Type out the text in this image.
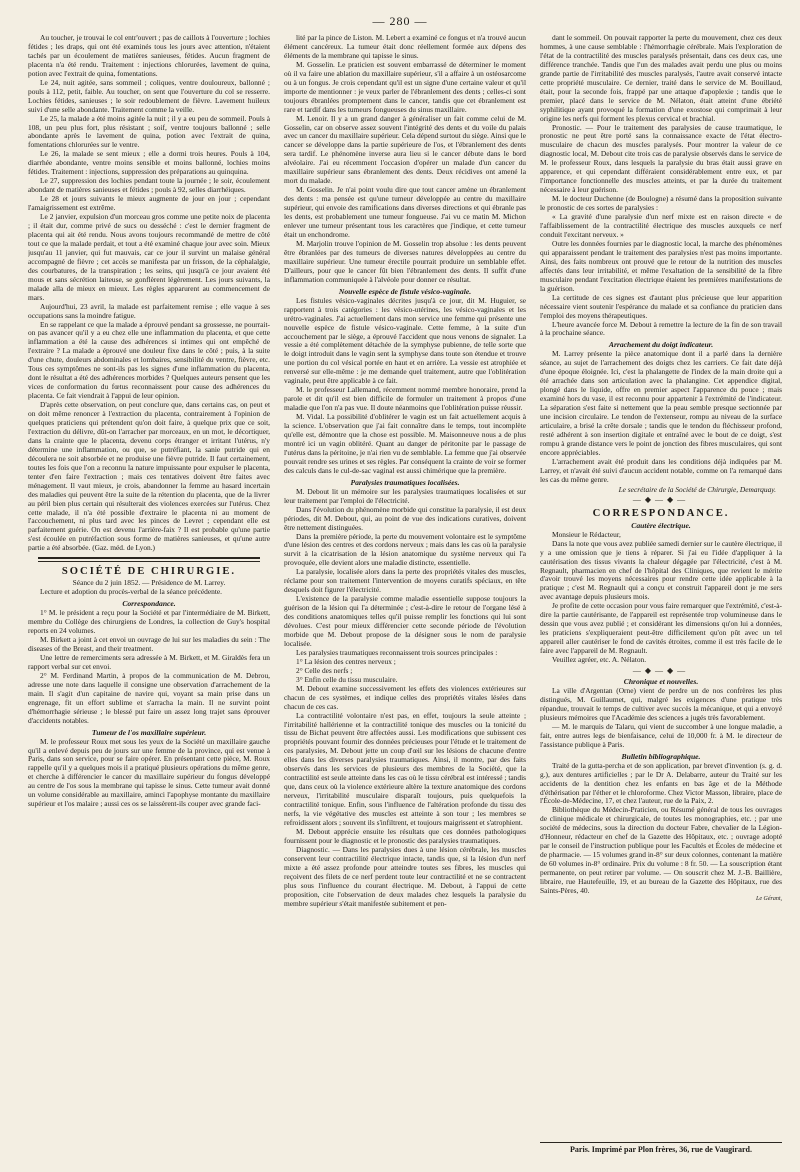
— 280 —

Au toucher, je trouvai le col entr'ouvert ; pas de caillots à l'ouverture ; lochies fétides ; les draps, qui ont été examinés tous les jours avec attention, n'étaient tachés par un écoulement de matières sanieuses, fétides. Aucun fragment de placenta n'a été rendu. Traitement : injections chlorurées, lavement de quina, potion avec l'extrait de quina, fomentations.

Le 24, nuit agitée, sans sommeil ; coliques, ventre douloureux, ballonné ; pouls à 112, petit, faible. Au toucher, on sent que l'ouverture du col se resserre. Lochies fétides, sanieuses ; le soir redoublement de fièvre. Lavement huileux suivi d'une selle abondante. Traitement comme la veille.

Le 25, la malade a été moins agitée la nuit ; il y a eu peu de sommeil. Pouls à 108, un peu plus fort, plus résistant ; soif, ventre toujours ballonné ; selle abondante après le lavement de quina, potion avec l'extrait de quina, fomentations chlorurées sur le ventre.

Le 26, la malade se sent mieux ; elle a dormi trois heures. Pouls à 104, diarrhée abondante, ventre moins sensible et moins ballonné, lochies moins fétides. Traitement : injections, suppression des préparations au quinquina.

Le 27, suppression des lochies pendant toute la journée ; le soir, écoulement abondant de matières sanieuses et fétides ; pouls à 92, selles diarrhéiques.

Le 28 et jours suivants le mieux augmente de jour en jour ; cependant l'amaigrissement est extrême.

Le 2 janvier, expulsion d'un morceau gros comme une petite noix de placenta ; il était dur, comme privé de sucs ou desséché : c'est le dernier fragment de placenta qui ait été rendu. Nous avons toujours recommandé de mettre de côté tout ce que la malade perdait, et tout a été examiné chaque jour avec soin. Mieux jusqu'au 11 janvier, qui fut mauvais, car ce jour il survint un malaise général accompagné de fièvre ; cet accès se manifesta par un frisson, de la céphalalgie, des courbatures, de la transpiration ; les seins, qui jusqu'à ce jour avaient été mous et sans sécrétion laiteuse, se gonflèrent légèrement. Les jours suivants, la malade alla de mieux en mieux. Les règles apparurent au commencement de mars.

Aujourd'hui, 23 avril, la malade est parfaitement remise ; elle vaque à ses occupations sans la moindre fatigue.

En se rappelant ce que la malade a éprouvé pendant sa grossesse, ne pourrait-on pas avancer qu'il y a eu chez elle une inflammation du placenta, et que cette inflammation a été la cause des adhérences si intimes qui ont empêché de l'extraire ? La malade a éprouvé une douleur fixe dans le côté ; puis, à la suite d'une chute, douleurs abdominales et lombaires, sensibilité du ventre, fièvre, etc. Tous ces symptômes ne sont-ils pas les signes d'une inflammation du placenta, dont le résultat a été des adhérences morbides ? Quelques auteurs pensent que les vices de conformation du fœtus reconnaissent pour cause des adhérences du placenta. Ce fait viendrait à l'appui de leur opinion.

D'après cette observation, on peut conclure que, dans certains cas, on peut et on doit même renoncer à l'extraction du placenta, contrairement à l'opinion de quelques praticiens qui prétendent qu'on doit faire, à quelque prix que ce soit, l'extraction du délivre, dût-on l'arracher par morceaux, en un mot, le décortiquer, dans la crainte que le placenta, devenu corps étranger et irritant l'utérus, n'y détermine une inflammation, ou que, se putréfiant, la sanie putride qui en découlera ne soit absorbée et ne produise une fièvre putride. Il faut certainement, toutes les fois que l'on a reconnu la nature impuissante pour expulser le placenta, tenter d'en faire l'extraction ; mais ces tentatives doivent être faites avec ménagement. Il vaut mieux, je crois, abandonner la femme au hasard incertain des maladies qui peuvent être la suite de la rétention du placenta, que de la livrer au péril bien plus certain qui résulterait des violences exercées sur l'utérus. Chez cette malade, il n'a été possible d'extraire le placenta ni au moment de l'accouchement, ni plus tard avec les pinces de Levret ; cependant elle est parfaitement guérie. On est devenu l'arrière-faix ? Il est probable qu'une partie s'est écoulée en putréfaction sous forme de matières sanieuses, et qu'une autre partie a été absorbée. (Gaz. méd. de Lyon.)

SOCIÉTÉ DE CHIRURGIE.

Séance du 2 juin 1852. — Présidence de M. Larrey.

Lecture et adoption du procès-verbal de la séance précédente.

Correspondance.

1° M. le président a reçu pour la Société et par l'intermédiaire de M. Birkett, membre du Collège des chirurgiens de Londres, la collection de Guy's hospital reports en 24 volumes.

M. Birkett a joint à cet envoi un ouvrage de lui sur les maladies du sein : The diseases of the Breast, and their treatment.

Une lettre de remerciments sera adressée à M. Birkett, et M. Giraldès fera un rapport verbal sur cet envoi.

2° M. Ferdinand Martin, à propos de la communication de M. Debrou, adresse une note dans laquelle il consigne une observation d'arrachement de la main. Il s'agit d'un capitaine de navire qui, voyant sa main prise dans un engrenage, fit un effort sublime et s'arracha la main. Il ne survint point d'hémorrhagie sérieuse ; le blessé put faire un assez long trajet sans éprouver d'accidents notables.

Tumeur de l'os maxillaire supérieur.

M. le professeur Roux met sous les yeux de la Société un maxillaire gauche qu'il a enlevé depuis peu de jours sur une femme de la province, qui est venue à Paris, dans son service, pour se faire opérer. En présentant cette pièce, M. Roux rappelle qu'il y a quelques mois il a pratiqué plusieurs opérations du même genre, et cherche à différencier le cancer du maxillaire supérieur du fongus développé au centre de l'os sous la membrane qui tapisse le sinus. Cette tumeur avait donné un volume considérable au maxillaire, aminci l'apophyse montante du maxillaire supérieur et l'os malaire ; aussi ces os se laissèrent-ils couper avec grande faci-

lité par la pince de Liston. M. Lebert a examiné ce fongus et n'a trouvé aucun élément cancéreux. La tumeur était donc réellement formée aux dépens des éléments de la membrane qui tapisse le sinus.

M. Gosselin. Le praticien est souvent embarrassé de déterminer le moment où il va faire une ablation du maxillaire supérieur, s'il a affaire à un ostéosarcome ou à un fongus. Je crois cependant qu'il est un signe d'une certaine valeur et qu'il importe de mentionner : je veux parler de l'ébranlement des dents ; celles-ci sont toujours ébranlées promptement dans le cancer, tandis que cet ébranlement est rare et tardif dans les tumeurs fongueuses du sinus maxillaire.

M. Lenoir. Il y a un grand danger à généraliser un fait comme celui de M. Gosselin, car on observe assez souvent l'intégrité des dents et du voile du palais avec un cancer du maxillaire supérieur. Cela dépend surtout du siège. Ainsi que le cancer se développe dans la partie supérieure de l'os, et l'ébranlement des dents sera tardif. Le phénomène inverse aura lieu si le cancer débute dans le bord alvéolaire. J'ai eu récemment l'occasion d'opérer un malade d'un cancer du maxillaire supérieur sans ébranlement des dents. Deux récidives ont amené la mort du malade.

M. Gosselin. Je n'ai point voulu dire que tout cancer amène un ébranlement des dents : ma pensée est qu'une tumeur développée au centre du maxillaire supérieur, qui envoie des ramifications dans diverses directions et qui ébranle pas les dents, est probablement une tumeur fongueuse. J'ai vu ce matin M. Michon enlever une tumeur présentant tous les caractères que j'indique, et cette tumeur était un enchondrome.

M. Marjolin trouve l'opinion de M. Gosselin trop absolue : les dents peuvent être ébranlées par des tumeurs de diverses natures développées au centre du maxillaire supérieur. Une tumeur érectile pourrait produire un semblable effet. D'ailleurs, pour que le cancer fût bien l'ébranlement des dents. Il suffit d'une inflammation communiquée à l'alvéole pour donner ce résultat.

Nouvelle espèce de fistule vésico-vaginale.

Les fistules vésico-vaginales décrites jusqu'à ce jour, dit M. Huguier, se rapportent à trois catégories : les vésico-utérines, les vésico-vaginales et les urétro-vaginales. J'ai actuellement dans mon service une femme qui présente une nouvelle espèce de fistule vésico-vaginale. Cette femme, à la suite d'un accouchement par le siège, a éprouvé l'accident que nous venons de signaler. La vessie a été complètement détachée de la symphyse pubienne, de telle sorte que le doigt introduit dans le vagin sent la symphyse dans toute son étendue et trouve une portion du col vésical portée en haut et en arrière. La vessie est atrophiée et renversé sur elle-même : je me demande quel traitement, autre que l'oblitération vaginale, peut être applicable à ce fait.

M. le professeur Lallemand, récemment nommé membre honoraire, prend la parole et dit qu'il est bien difficile de formuler un traitement à propos d'une maladie que l'on n'a pas vue. Il doute néanmoins que l'oblitération puisse réussir.

M. Vidal. La possibilité d'oblitérer le vagin est un fait actuellement acquis à la science. L'observation que j'ai fait connaître dans le temps, tout incomplète qu'elle est, démontre que la chose est possible. M. Maisonneuve nous a de plus montré ici un vagin oblitéré. Quant au danger de péritonite par le passage de l'utérus dans la péritoine, je n'ai rien vu de semblable. La femme que j'ai observée pouvait rendre ses urines et ses règles. Par conséquent la crainte de voir se former des calculs dans le cul-de-sac vaginal est aussi chimérique que la première.

Paralysies traumatiques localisées.

M. Debout lit un mémoire sur les paralysies traumatiques localisées et sur leur traitement par l'emploi de l'électricité.

Dans l'évolution du phénomène morbide qui constitue la paralysie, il est deux périodes, dit M. Debout, qui, au point de vue des indications curatives, doivent être nettement distinguées.

Dans la première période, la perte du mouvement volontaire est le symptôme d'une lésion des centres et des cordons nerveux ; mais dans les cas où la paralysie survit à la cicatrisation de la lésion anatomique du système nerveux qui l'a provoquée, elle devient alors une maladie distincte, essentielle.

La paralysie, localisée alors dans la perte des propriétés vitales des muscles, réclame pour son traitement l'intervention de moyens curatifs spéciaux, en tête desquels doit figurer l'électricité.

L'existence de la paralysie comme maladie essentielle suppose toujours la guérison de la lésion qui l'a déterminée ; c'est-à-dire le retour de l'organe lésé à des conditions anatomiques telles qu'il puisse remplir les fonctions qui lui sont dévolues. C'est pour mieux différencier cette seconde période de l'évolution morbide que M. Debout propose de la désigner sous le nom de paralysie localisée.

Les paralysies traumatiques reconnaissent trois sources principales :

1° La lésion des centres nerveux ;

2° Celle des nerfs ;

3° Enfin celle du tissu musculaire.

M. Debout examine successivement les effets des violences extérieures sur chacun de ces systèmes, et indique celles des propriétés vitales lésées dans chacun de ces cas.

La contractilité volontaire n'est pas, en effet, toujours la seule atteinte ; l'irritabilité hallérienne et la contractilité tonique des muscles ou la tonicité du tissu de Bichat peuvent être affectées aussi. Les modifications que subissent ces propriétés pouvant fournir des données précieuses pour l'étude et le traitement de ces paralysies, M. Debout jette un coup d'œil sur les lésions de chacune d'entre elles dans les diverses paralysies traumatiques. Ainsi, il montre, par des faits observés dans les services de plusieurs des membres de la Société, que la contractilité est seule atteinte dans les cas où le tissu cérébral est intéressé ; tandis que, dans ceux où la violence extérieure altère la texture anatomique des cordons nerveux, l'irritabilité musculaire disparaît toujours, puis quelquefois la contractilité tonique. Enfin, sous l'influence de l'altération profonde du tissu des nerfs, la vie végétative des muscles est atteinte à son tour ; les membres se refroidissent alors ; souvent ils s'infiltrent, et toujours maigrissent et s'atrophient.

M. Debout apprécie ensuite les résultats que ces données pathologiques fournissent pour le diagnostic et le pronostic des paralysies traumatiques.

Diagnostic. — Dans les paralysies dues à une lésion cérébrale, les muscles conservent leur contractilité électrique intacte, tandis que, si la lésion d'un nerf mixte a été assez profonde pour atteindre toutes ses fibres, les muscles qui reçoivent des filets de ce nerf perdent toute leur contractilité et ne se contractent plus sous l'influence du courant électrique. M. Debout, à l'appui de cette proposition, cite l'observation de deux malades chez lesquels la paralysie du membre supérieur s'était manifestée subitement et pen-

dant le sommeil. On pouvait rapporter la perte du mouvement, chez ces deux hommes, à une cause semblable : l'hémorrhagie cérébrale. Mais l'exploration de l'état de la contractilité des muscles paralysés présentait, dans ces deux cas, une différence tranchée. Tandis que l'un des malades avait perdu une plus ou moins grande partie de l'irritabilité des muscles paralysés, l'autre avait conservé intacte cette propriété musculaire. Ce dernier, traité dans le service de M. Bouillaud, était, pour la seconde fois, frappé par une attaque d'apoplexie ; tandis que le premier, placé dans le service de M. Nélaton, était atteint d'une ébriété syphilitique ayant provoqué la formation d'une exostose qui comprimait à leur origine les nerfs qui forment les plexus cervical et brachial.

Pronostic. — Pour le traitement des paralysies de cause traumatique, le pronostic ne peut être porté sans la connaissance exacte de l'état électro-musculaire de chacun des muscles paralysés. Pour montrer la valeur de ce diagnostic local, M. Debout cite trois cas de paralysie observés dans le service de M. le professeur Roux, dans lesquels la paralysie du bras était aussi grave en apparence, et qui cependant différaient considérablement entre eux, et par l'importance fonctionnelle des muscles atteints, et par la durée du traitement nécessaire à leur guérison.

M. le docteur Duchenne (de Boulogne) a résumé dans la proposition suivante le pronostic de ces sortes de paralysies :

« La gravité d'une paralysie d'un nerf mixte est en raison directe « de l'affaiblissement de la contractilité électrique des muscles auxquels ce nerf conduit l'excitant nerveux. »

Outre les données fournies par le diagnostic local, la marche des phénomènes qui apparaissent pendant le traitement des paralysies n'est pas moins importante. Ainsi, des faits nombreux ont prouvé que le retour de la nutrition des muscles affectés dans leur irritabilité, et même l'exaltation de la sensibilité de la fibre musculaire pendant l'excitation électrique étaient les premières manifestations de la guérison.

La certitude de ces signes est d'autant plus précieuse que leur apparition nécessaire vient soutenir l'espérance du malade et sa confiance du praticien dans l'emploi des moyens thérapeutiques.

L'heure avancée force M. Debout à remettre la lecture de la fin de son travail à la prochaine séance.

Arrachement du doigt indicateur.

M. Larrey présente la pièce anatomique dont il a parlé dans la dernière séance, au sujet de l'arrachement des doigts chez les carriers. Ce fait date déjà d'une époque éloignée. Ici, c'est la phalangette de l'index de la main droite qui a été arrachée dans son articulation avec la phalangine. Cet appendice digital, plongé dans le liquide, offre en premier aspect l'apparence du pouce ; mais examiné hors du vase, il est reconnu pour appartenir à l'extrémité de l'indicateur. La séparation s'est faite si nettement que la peau semble presque sectionnée par une incision circulaire. Le tendon de l'extenseur, rompu au niveau de la surface articulaire, a brisé la crête dorsale ; tandis que le tendon du fléchisseur profond, resté adhérent à son insertion digitale et entraîné avec le bout de ce doigt, s'est rompu à grande distance vers le point de jonction des fibres musculaires, qui sont encore appréciables.

L'arrachement avait été produit dans les conditions déjà indiquées par M. Larrey, et n'avait été suivi d'aucun accident notable, comme on l'a remarqué dans les cas du même genre.

Le secrétaire de la Société de Chirurgie, Demarquay.
—◆—◆—
CORRESPONDANCE.
Cautère électrique.

Monsieur le Rédacteur,

Dans la note que vous avez publiée samedi dernier sur le cautère électrique, il y a une omission que je tiens à réparer. Si j'ai eu l'idée d'appliquer à la cautérisation des tissus vivants la chaleur dégagée par l'électricité, c'est à M. Regnault, pharmacien en chef de l'hôpital des Cliniques, que revient le mérite d'avoir trouvé les moyens nécessaires pour rendre cette idée applicable à la pratique ; c'est M. Regnault qui a conçu et construit l'appareil dont je me sers avec avantage depuis plusieurs mois.

Je profite de cette occasion pour vous faire remarquer que l'extrémité, c'est-à-dire la partie cautérisante, de l'appareil est représentée trop volumineuse dans le dessin que vous avez publié ; et considérant les dimensions qu'on lui a données, les praticiens s'expliqueraient peut-être difficilement qu'on pût avec un tel appareil aller cautériser le fond de cavités étroites, comme il est très facile de le faire avec l'appareil de M. Regnault.

Veuillez agréer, etc. A. Nélaton.

—◆—◆—
Chronique et nouvelles.

La ville d'Argentan (Orne) vient de perdre un de nos confrères les plus distingués, M. Guillaumet, qui, malgré les exigences d'une pratique très répandue, trouvait le temps de cultiver avec succès la mécanique, et qui a envoyé plusieurs mémoires que l'Académie des sciences a jugés très favorablement.

— M. le marquis de Talaru, qui vient de succomber à une longue maladie, a fait, entre autres legs de bienfaisance, celui de 10,000 fr. à M. le directeur de l'assistance publique à Paris.

Bulletin bibliographique.

Traité de la gutta-percha et de son application, par brevet d'invention (s. g. d. g.), aux dentures artificielles ; par le Dr A. Delabarre, auteur du Traité sur les accidents de la dentition chez les enfants en bas âge et de la Méthode d'éthérisation par l'éther et le chloroforme. Chez Victor Masson, libraire, place de l'École-de-Médecine, 17, et chez l'auteur, rue de la Paix, 2.

Bibliothèque du Médecin-Praticien, ou Résumé général de tous les ouvrages de clinique médicale et chirurgicale, de toutes les monographies, etc. ; par une société de médecins, sous la direction du docteur Fabre, chevalier de la Légion-d'Honneur, rédacteur en chef de la Gazette des Hôpitaux, etc. ; ouvrage adopté par le conseil de l'instruction publique pour les Facultés et Écoles de médecine et de pharmacie. — 15 volumes grand in-8° sur deux colonnes, contenant la matière de 60 volumes in-8° ordinaire. Prix du volume : 8 fr. 50. — La souscription étant permanente, on peut retirer par volume. — On souscrit chez M. J.-B. Baillière, libraire, rue Hautefeuille, 19, et au bureau de la Gazette des Hôpitaux, rue des Saints-Pères, 40.

Le Gérant,
Paris. Imprimé par Plon frères, 36, rue de Vaugirard.
